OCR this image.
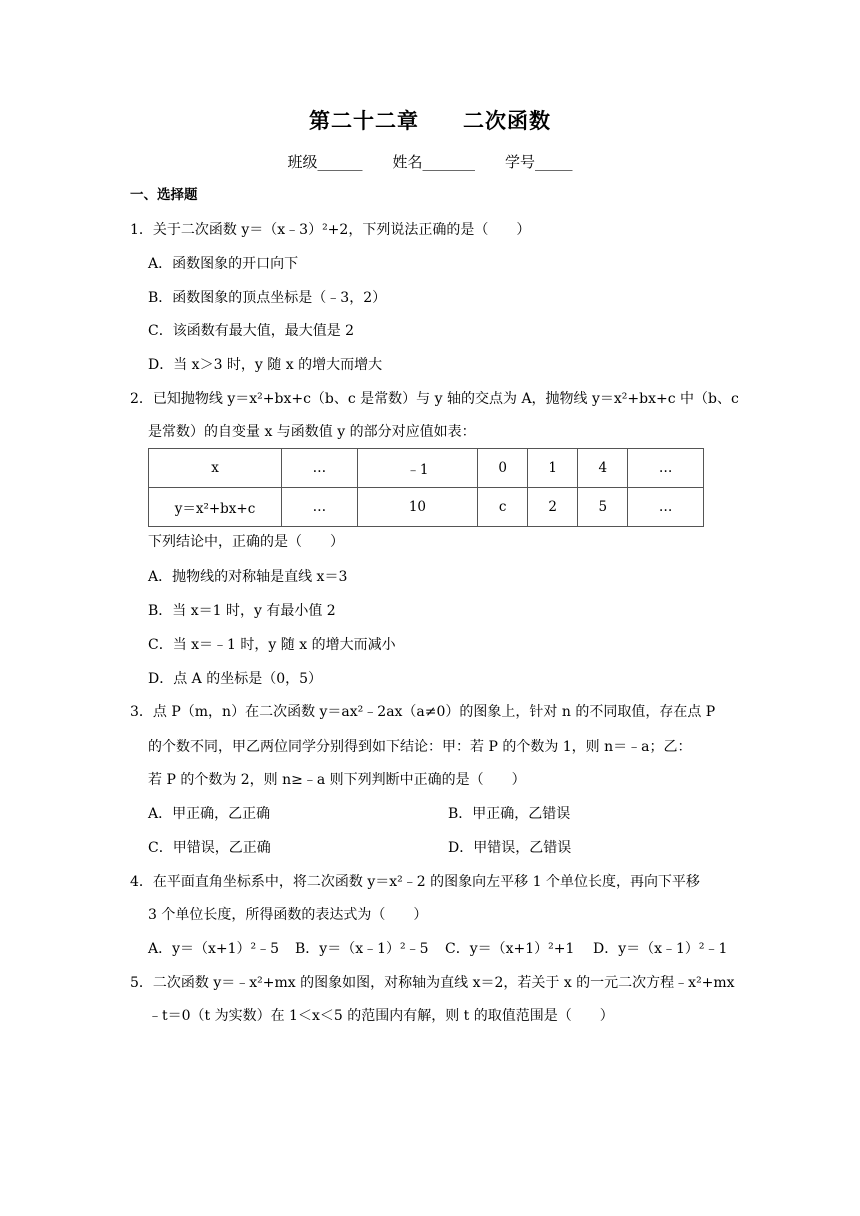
第二十二章　　二次函数
班级______　　姓名_______　　学号_____
一、选择题
1．关于二次函数 y＝（x﹣3）²+2，下列说法正确的是（　　）
A．函数图象的开口向下
B．函数图象的顶点坐标是（﹣3，2）
C．该函数有最大值，最大值是 2
D．当 x＞3 时，y 随 x 的增大而增大
2．已知抛物线 y＝x²+bx+c（b、c 是常数）与 y 轴的交点为 A，抛物线 y＝x²+bx+c 中（b、c
是常数）的自变量 x 与函数值 y 的部分对应值如表：
x	…	﹣1	0	1	4	…
y＝x²+bx+c	…	10	c	2	5	…
下列结论中，正确的是（　　）
A．抛物线的对称轴是直线 x＝3
B．当 x＝1 时，y 有最小值 2
C．当 x＝﹣1 时，y 随 x 的增大而减小
D．点 A 的坐标是（0，5）
3．点 P（m，n）在二次函数 y＝ax²﹣2ax（a≠0）的图象上，针对 n 的不同取值，存在点 P
的个数不同，甲乙两位同学分别得到如下结论：甲：若 P 的个数为 1，则 n＝﹣a；乙：
若 P 的个数为 2，则 n≥﹣a 则下列判断中正确的是（　　）
A．甲正确，乙正确	B．甲正确，乙错误
C．甲错误，乙正确	D．甲错误，乙错误
4．在平面直角坐标系中，将二次函数 y＝x²﹣2 的图象向左平移 1 个单位长度，再向下平移
3 个单位长度，所得函数的表达式为（　　）
A．y＝（x+1）²﹣5 B．y＝（x﹣1）²﹣5 C．y＝（x+1）²+1 D．y＝（x﹣1）²﹣1
5．二次函数 y＝﹣x²+mx 的图象如图，对称轴为直线 x＝2，若关于 x 的一元二次方程﹣x²+mx
﹣t＝0（t 为实数）在 1＜x＜5 的范围内有解，则 t 的取值范围是（　　）
